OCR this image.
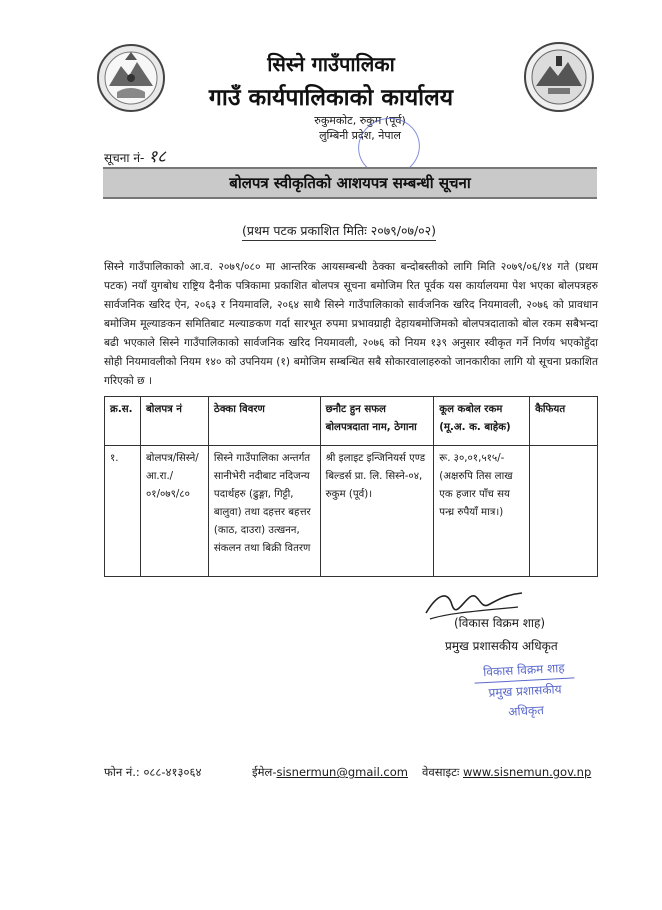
सिस्ने गाउँपालिका
गाउँ कार्यपालिकाको कार्यालय
रुकुमकोट, रुकुम (पूर्व)
लुम्बिनी प्रदेश, नेपाल
सूचना नं- १८
बोलपत्र स्वीकृतिको आशयपत्र सम्बन्धी सूचना
(प्रथम पटक प्रकाशित मितिः २०७९/०७/०२)
सिस्ने गाउँपालिकाको आ.व. २०७९/०८० मा आन्तरिक आयसम्बन्धी ठेक्का बन्दोबस्तीको लागि मिति २०७९/०६/१४ गते (प्रथम पटक) नयाँ युगबोध राष्ट्रिय दैनीक पत्रिकामा प्रकाशित बोलपत्र सूचना बमोजिम रित पूर्वक यस कार्यालयमा पेश भएका बोलपत्रहरु सार्वजनिक खरिद ऐन, २०६३ र नियमावलि, २०६४ साथै सिस्ने गाउँपालिकाको सार्वजनिक खरिद नियमावली, २०७६ को प्रावधान बमोजिम मूल्याङकन समितिबाट मल्याङकण गर्दा सारभूत रुपमा प्रभावग्राही देहायबमोजिमको बोलपत्रदाताको बोल रकम सबैभन्दा बढी भएकाले सिस्ने गाउँपालिकाको सार्वजनिक खरिद नियमावली, २०७६ को नियम १३९ अनुसार स्वीकृत गर्ने निर्णय भएकोहुँदा सोही नियमावलीको नियम १४० को उपनियम (१) बमोजिम सम्बन्धित सबै सोकारवालाहरुको जानकारीका लागि यो सूचना प्रकाशित गरिएको छ ।
क्र.स.	बोलपत्र नं	ठेक्का विवरण	छनौट हुन सफल बोलपत्रदाता नाम, ठेगाना	कूल कबोल रकम (मू.अ. क. बाहेक)	कैफियत
१.	बोलपत्र/सिस्ने/आ.रा./०१/०७९/८०	सिस्ने गाउँपालिका अन्तर्गत सानीभेरी नदीबाट नदिजन्य पदार्थहरु (ढुङ्गा, गिट्टी, बालुवा) तथा दहत्तर बहत्तर (काठ, दाउरा) उत्खनन, संकलन तथा बिक्री वितरण	श्री इलाइट इन्जिनियर्स एण्ड बिल्डर्स प्रा. लि. सिस्ने-०४, रुकुम (पूर्व)।	रू. ३०,०१,५१५/- (अक्षरुपि तिस लाख एक हजार पाँच सय पन्ध्र रुपैयाँ मात्र।)	
(विकास विक्रम शाह)
प्रमुख प्रशासकीय अधिकृत
विकास विक्रम शाह
प्रमुख प्रशासकीय अधिकृत
फोन नं.: ०८८-४१३०६४	ईमेल-sisnermun@gmail.com वेवसाइटः www.sisnemun.gov.np
